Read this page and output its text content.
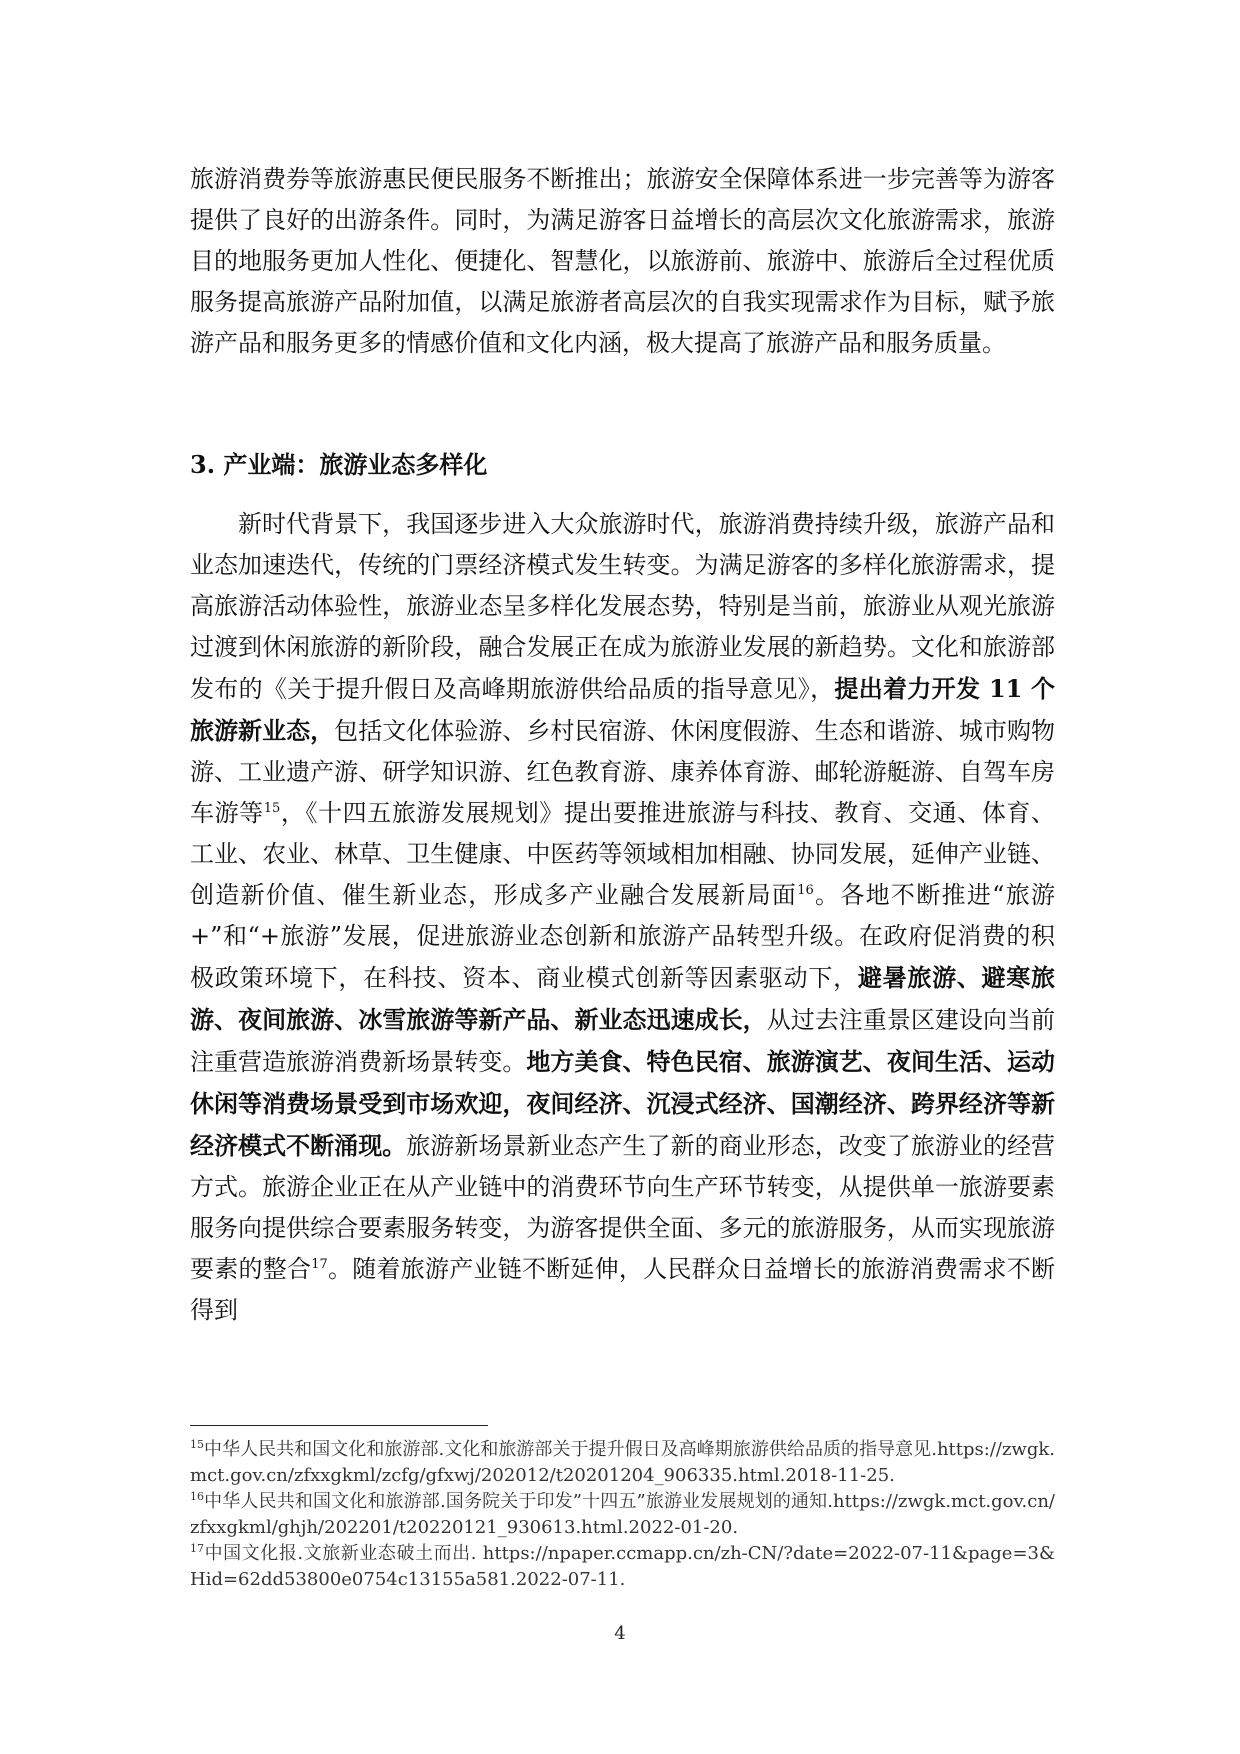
旅游消费券等旅游惠民便民服务不断推出；旅游安全保障体系进一步完善等为游客提供了良好的出游条件。同时，为满足游客日益增长的高层次文化旅游需求，旅游目的地服务更加人性化、便捷化、智慧化，以旅游前、旅游中、旅游后全过程优质服务提高旅游产品附加值，以满足旅游者高层次的自我实现需求作为目标，赋予旅游产品和服务更多的情感价值和文化内涵，极大提高了旅游产品和服务质量。

3. 产业端：旅游业态多样化

新时代背景下，我国逐步进入大众旅游时代，旅游消费持续升级，旅游产品和业态加速迭代，传统的门票经济模式发生转变。为满足游客的多样化旅游需求，提高旅游活动体验性，旅游业态呈多样化发展态势，特别是当前，旅游业从观光旅游过渡到休闲旅游的新阶段，融合发展正在成为旅游业发展的新趋势。文化和旅游部发布的《关于提升假日及高峰期旅游供给品质的指导意见》，提出着力开发 11 个旅游新业态，包括文化体验游、乡村民宿游、休闲度假游、生态和谐游、城市购物游、工业遗产游、研学知识游、红色教育游、康养体育游、邮轮游艇游、自驾车房车游等$^{15}$，《十四五旅游发展规划》提出要推进旅游与科技、教育、交通、体育、工业、农业、林草、卫生健康、中医药等领域相加相融、协同发展，延伸产业链、创造新价值、催生新业态，形成多产业融合发展新局面$^{16}$。各地不断推进“旅游+”和“+旅游”发展，促进旅游业态创新和旅游产品转型升级。在政府促消费的积极政策环境下，在科技、资本、商业模式创新等因素驱动下，避暑旅游、避寒旅游、夜间旅游、冰雪旅游等新产品、新业态迅速成长，从过去注重景区建设向当前注重营造旅游消费新场景转变。地方美食、特色民宿、旅游演艺、夜间生活、运动休闲等消费场景受到市场欢迎，夜间经济、沉浸式经济、国潮经济、跨界经济等新经济模式不断涌现。旅游新场景新业态产生了新的商业形态，改变了旅游业的经营方式。旅游企业正在从产业链中的消费环节向生产环节转变，从提供单一旅游要素服务向提供综合要素服务转变，为游客提供全面、多元的旅游服务，从而实现旅游要素的整合$^{17}$。随着旅游产业链不断延伸，人民群众日益增长的旅游消费需求不断得到

$^{15}$中华人民共和国文化和旅游部.文化和旅游部关于提升假日及高峰期旅游供给品质的指导意见.https://zwgk.mct.gov.cn/zfxxgkml/zcfg/gfxwj/202012/t20201204_906335.html.2018-11-25.
$^{16}$中华人民共和国文化和旅游部.国务院关于印发”十四五”旅游业发展规划的通知.https://zwgk.mct.gov.cn/zfxxgkml/ghjh/202201/t20220121_930613.html.2022-01-20.
$^{17}$中国文化报.文旅新业态破土而出. https://npaper.ccmapp.cn/zh-CN/?date=2022-07-11&page=3&Hid=62dd53800e0754c13155a581.2022-07-11.
4
